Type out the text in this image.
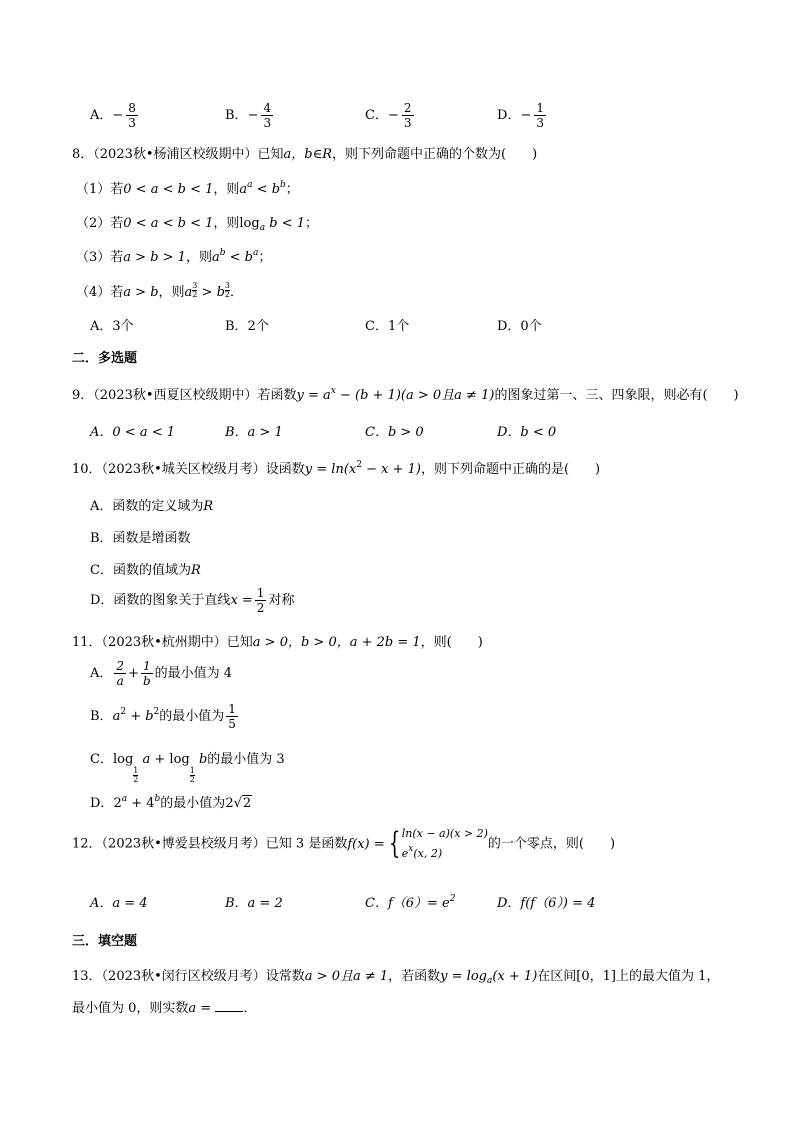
A．− $\frac{8}{3}$	B．− $\frac{4}{3}$	C．− $\frac{2}{3}$	D．− $\frac{1}{3}$
8．（2023秋•杨浦区校级期中）已知a，b∈R，则下列命题中正确的个数为(　　)
（1）若0 < a < b < 1，则$a^a < b^b$；
（2）若0 < a < b < 1，则$\log_a b < 1$；
（3）若a > b > 1，则$a^b < b^a$；
（4）若a > b，则a $\frac{3}{2} > b \frac{3}{2}$ ．
A．3个	B．2个	C．1个	D．0个
二．多选题
9．（2023秋•西夏区校级期中）若函数$y = a^x - (b + 1)(a > 0$且a ≠ 1)的图象过第一、三、四象限，则必有(　　)
A．0 < a < 1	B．a > 1	C．b > 0	D．b < 0
10．（2023秋•城关区校级月考）设函数$y = \ln(x^2 - x + 1)$，则下列命题中正确的是(　　)
A．函数的定义域为R
B．函数是增函数
C．函数的值域为R
D．函数的图象关于直线$x = \frac{1}{2}$ 对称
11．（2023秋•杭州期中）已知a > 0，b > 0，a + 2b = 1，则(　　)
A． $\frac{2}{a} + \frac{1}{b}$ 的最小值为 4
B．$a^2 + b^2$的最小值为 $\frac{1}{5}$
C．log
$\frac{1}{2}$
a + log
$\frac{1}{2}$
b的最小值为 3
D．$2^a + 4^b$的最小值为2√2
12．（2023秋•博爱县校级月考）已知 3 是函数 f(x) = { ln(x − a)(x > 2)
$e^x(x$, 2)
的一个零点，则(　　)
A．a = 4	B．a = 2	C．$f(6)= e^2$	D．f(f（6）) = 4
三．填空题
13．（2023秋•闵行区校级月考）设常数a > 0且a ≠ 1，若函数$y = \log_a(x + 1)$在区间[0，1]上的最大值为 1，
最小值为 0，则实数a = ．
